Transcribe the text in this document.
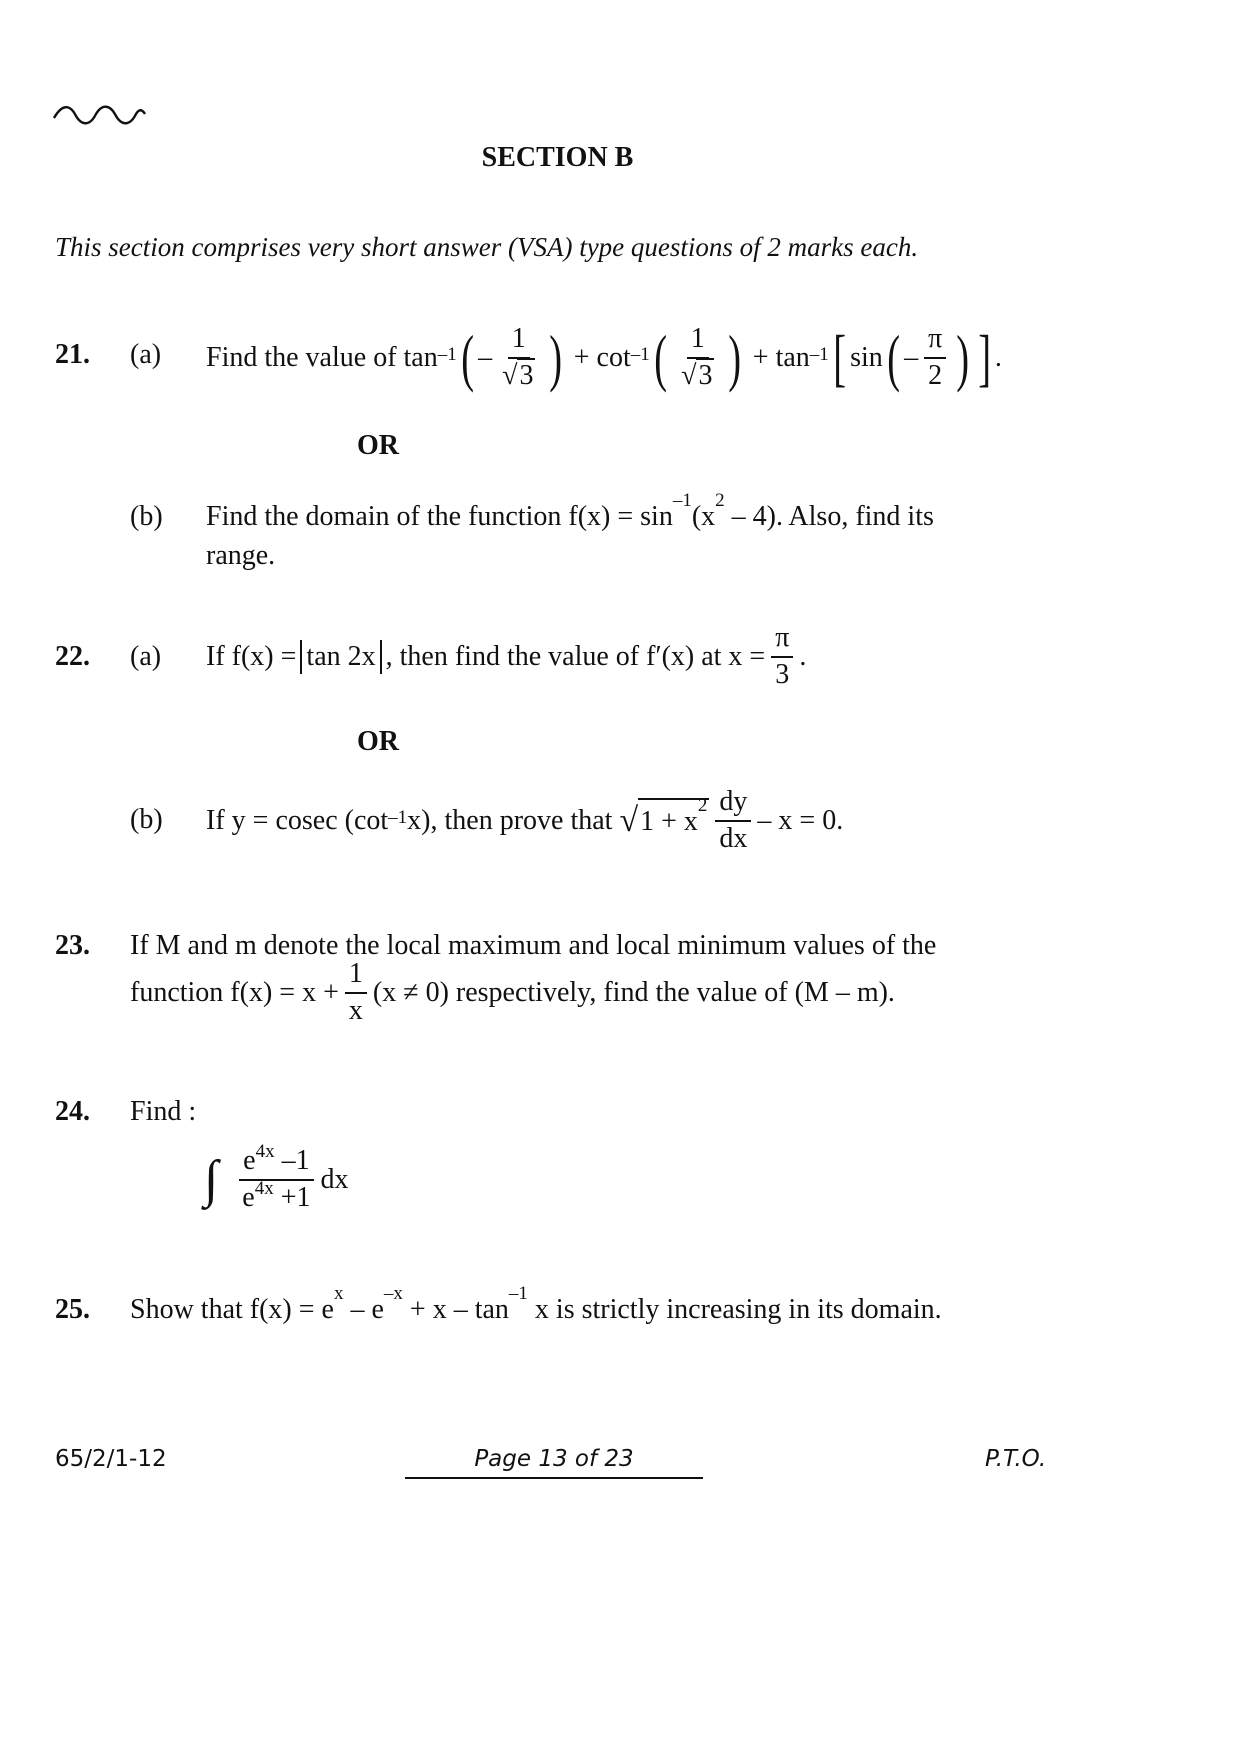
SECTION B
This section comprises very short answer (VSA) type questions of 2 marks each.
21. (a) Find the value of
$\tan^{-1}$ ( – $\frac{1}{√3}$ )
+
$\cot^{-1}$ ( $\frac{1}{√3}$ )
+
$\tan^{-1}$ [ sin ( – $\frac{\pi}{2}$ ) ] .
OR
(b) Find the domain of the function $f(x) = \sin^{-1}(x^2 - 4)$. Also, find its
range.
22. (a) If f(x) = tan 2x , then find the value of f′(x) at $x = \frac{\pi}{3}$ .
OR
(b) If y = cosec ($\cot^{-1}$ x), then prove that
√ $1 + x^2 \frac{dy}{dx} - x = 0$.
23. If M and m denote the local maximum and local minimum values of the
function $f(x) = x + \frac{1}{x} (x \ne 0)$ respectively, find the value of (M – m).
24. Find :
∫ $\frac{e^{4x} -1}{e^{4x} +1}$ dx
25. Show that $f(x) = e^x - e^{-x} + x - \tan^{-1} x$ is strictly increasing in its domain.
65/2/1-12	Page 13 of 23	P.T.O.
